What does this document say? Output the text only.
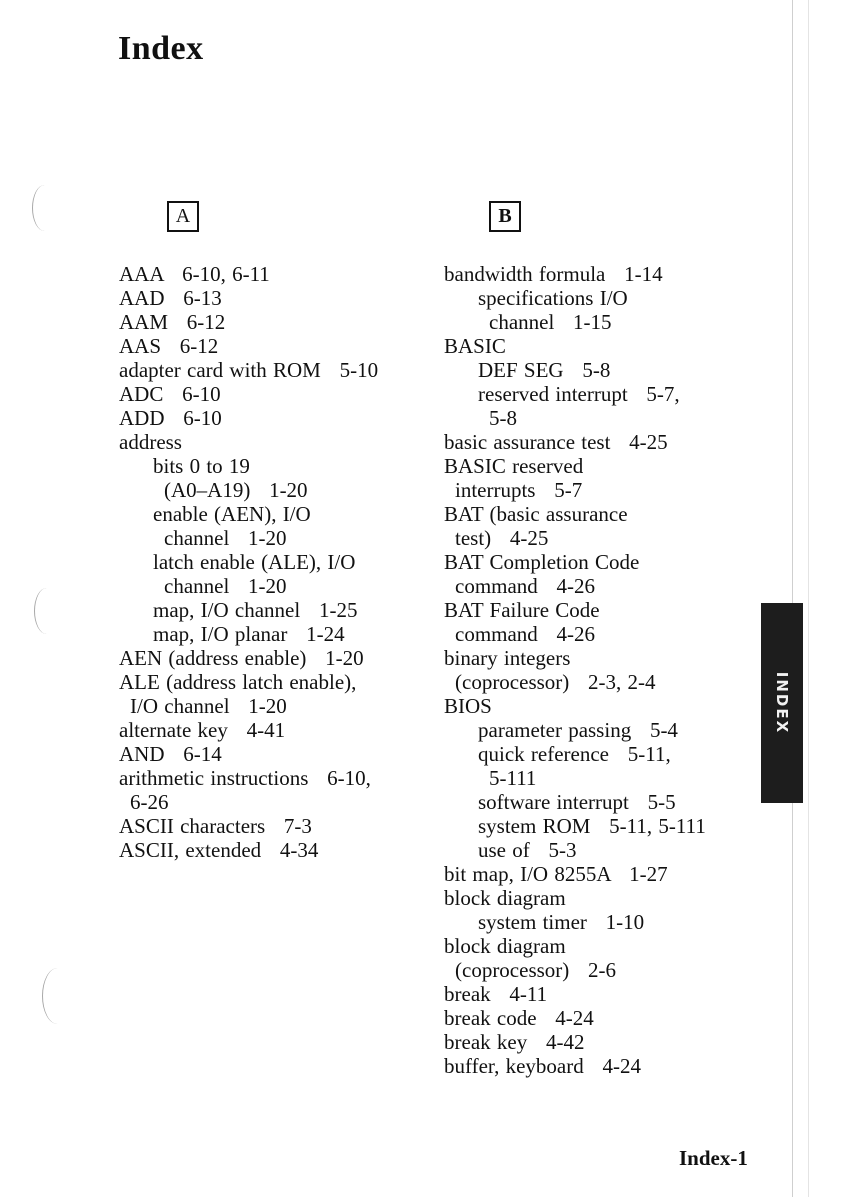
Index
A	B
AAA   6-10, 6-11
AAD   6-13
AAM   6-12
AAS   6-12
adapter card with ROM   5-10
ADC   6-10
ADD   6-10
address
bits 0 to 19
(A0–A19)   1-20
enable (AEN), I/O
channel   1-20
latch enable (ALE), I/O
channel   1-20
map, I/O channel   1-25
map, I/O planar   1-24
AEN (address enable)   1-20
ALE (address latch enable),
I/O channel   1-20
alternate key   4-41
AND   6-14
arithmetic instructions   6-10,
6-26
ASCII characters   7-3
ASCII, extended   4-34
bandwidth formula   1-14
specifications I/O
channel   1-15
BASIC
DEF SEG   5-8
reserved interrupt   5-7,
5-8
basic assurance test   4-25
BASIC reserved
interrupts   5-7
BAT (basic assurance
test)   4-25
BAT Completion Code
command   4-26
BAT Failure Code
command   4-26
binary integers
(coprocessor)   2-3, 2-4
BIOS
parameter passing   5-4
quick reference   5-11,
5-111
software interrupt   5-5
system ROM   5-11, 5-111
use of   5-3
bit map, I/O 8255A   1-27
block diagram
system timer   1-10
block diagram
(coprocessor)   2-6
break   4-11
break code   4-24
break key   4-42
buffer, keyboard   4-24
INDEX
Index-1
